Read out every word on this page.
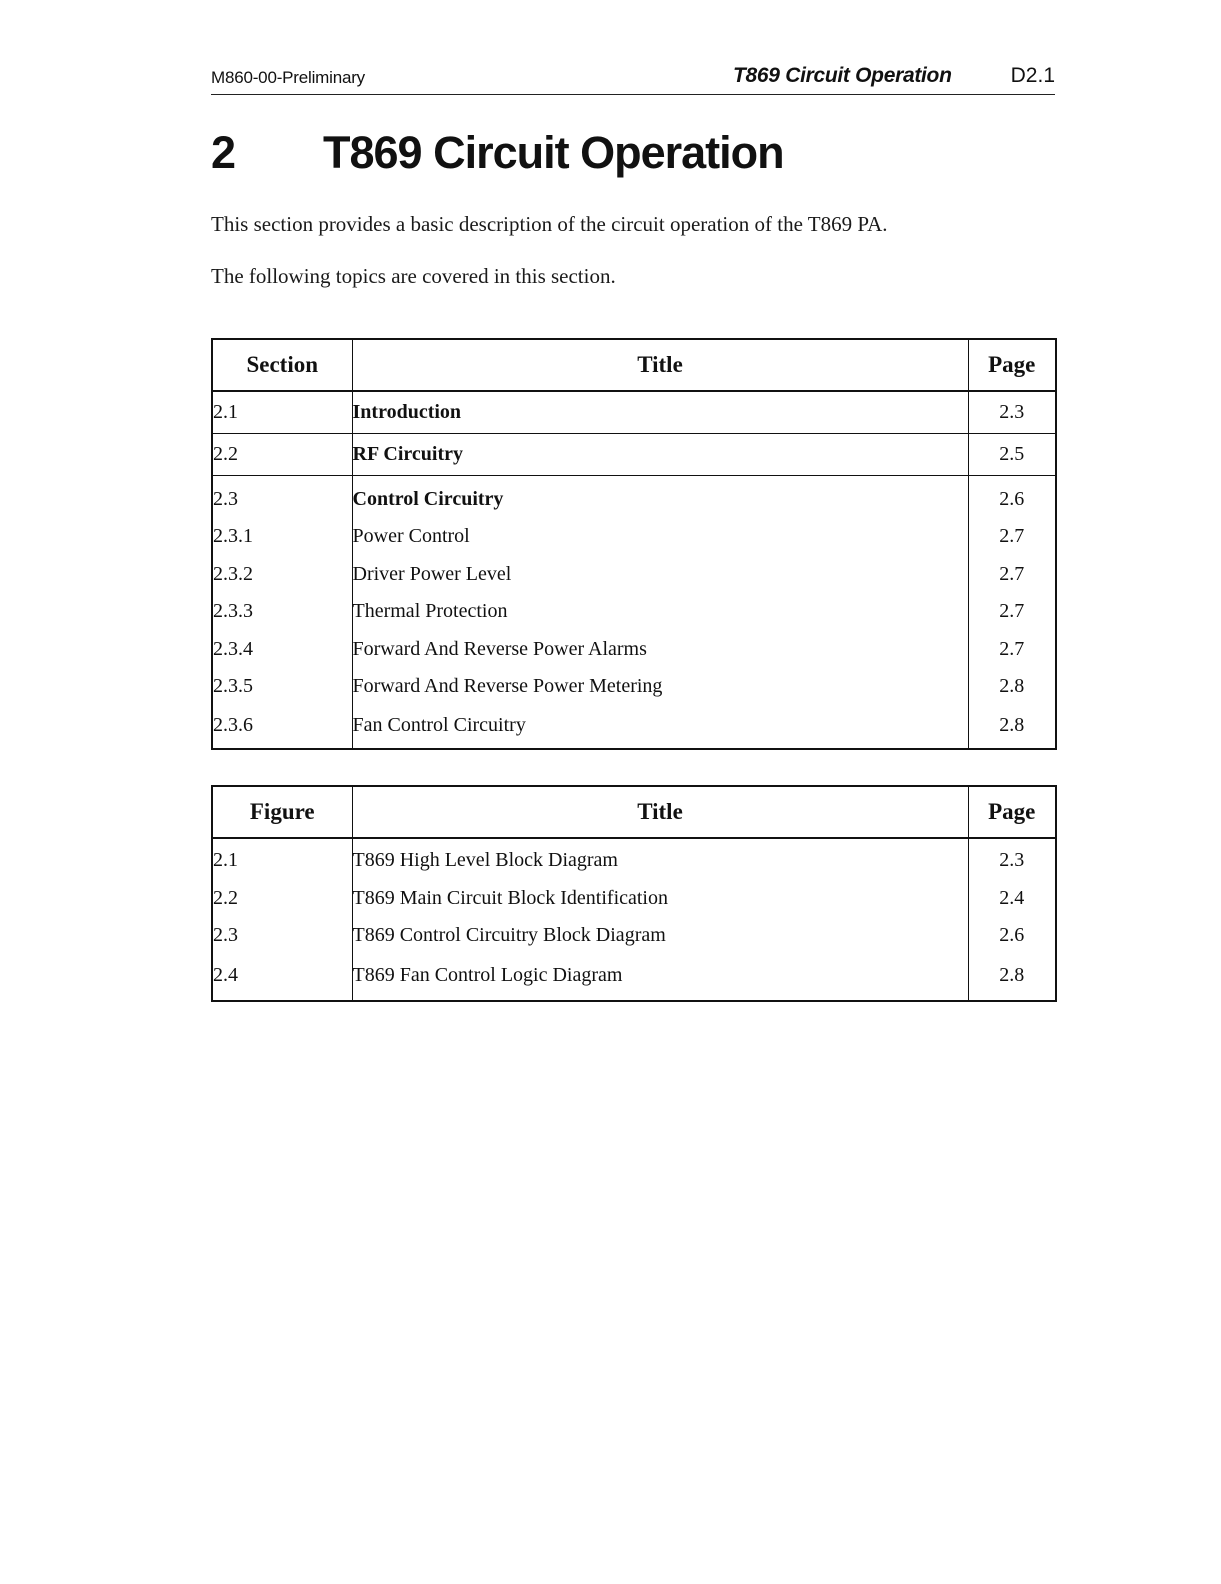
M860-00-Preliminary	T869 Circuit Operation	D2.1
2 T869 Circuit Operation
This section provides a basic description of the circuit operation of the T869 PA.
The following topics are covered in this section.
Section	Title	Page
2.1	Introduction	2.3
2.2	RF Circuitry	2.5
2.3	Control Circuitry	2.6
2.3.1	Power Control	2.7
2.3.2	Driver Power Level	2.7
2.3.3	Thermal Protection	2.7
2.3.4	Forward And Reverse Power Alarms	2.7
2.3.5	Forward And Reverse Power Metering	2.8
2.3.6	Fan Control Circuitry	2.8
Figure	Title	Page
2.1	T869 High Level Block Diagram	2.3
2.2	T869 Main Circuit Block Identification	2.4
2.3	T869 Control Circuitry Block Diagram	2.6
2.4	T869 Fan Control Logic Diagram	2.8
